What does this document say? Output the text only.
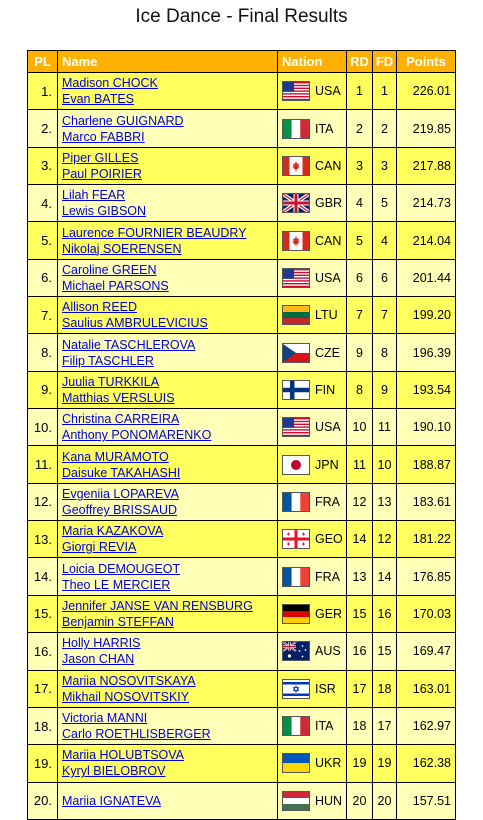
Ice Dance - Final Results
PL	Name	Nation	RD	FD	Points
1.	Madison CHOCK
Evan BATES	USA	1	1	226.01
2.	Charlene GUIGNARD
Marco FABBRI	ITA	2	2	219.85
3.	Piper GILLES
Paul POIRIER	CAN	3	3	217.88
4.	Lilah FEAR
Lewis GIBSON	GBR	4	5	214.73
5.	Laurence FOURNIER BEAUDRY
Nikolaj SOERENSEN	CAN	5	4	214.04
6.	Caroline GREEN
Michael PARSONS	USA	6	6	201.44
7.	Allison REED
Saulius AMBRULEVICIUS	LTU	7	7	199.20
8.	Natalie TASCHLEROVA
Filip TASCHLER	CZE	9	8	196.39
9.	Juulia TURKKILA
Matthias VERSLUIS	FIN	8	9	193.54
10.	Christina CARREIRA
Anthony PONOMARENKO	USA	10	11	190.10
11.	Kana MURAMOTO
Daisuke TAKAHASHI	JPN	11	10	188.87
12.	Evgeniia LOPAREVA
Geoffrey BRISSAUD	FRA	12	13	183.61
13.	Maria KAZAKOVA
Giorgi REVIA	GEO	14	12	181.22
14.	Loicia DEMOUGEOT
Theo LE MERCIER	FRA	13	14	176.85
15.	Jennifer JANSE VAN RENSBURG
Benjamin STEFFAN	GER	15	16	170.03
16.	Holly HARRIS
Jason CHAN	AUS	16	15	169.47
17.	Mariia NOSOVITSKAYA
Mikhail NOSOVITSKIY	ISR	17	18	163.01
18.	Victoria MANNI
Carlo ROETHLISBERGER	ITA	18	17	162.97
19.	Mariia HOLUBTSOVA
Kyryl BIELOBROV	UKR	19	19	162.38
20.	Mariia IGNATEVA	HUN	20	20	157.51
